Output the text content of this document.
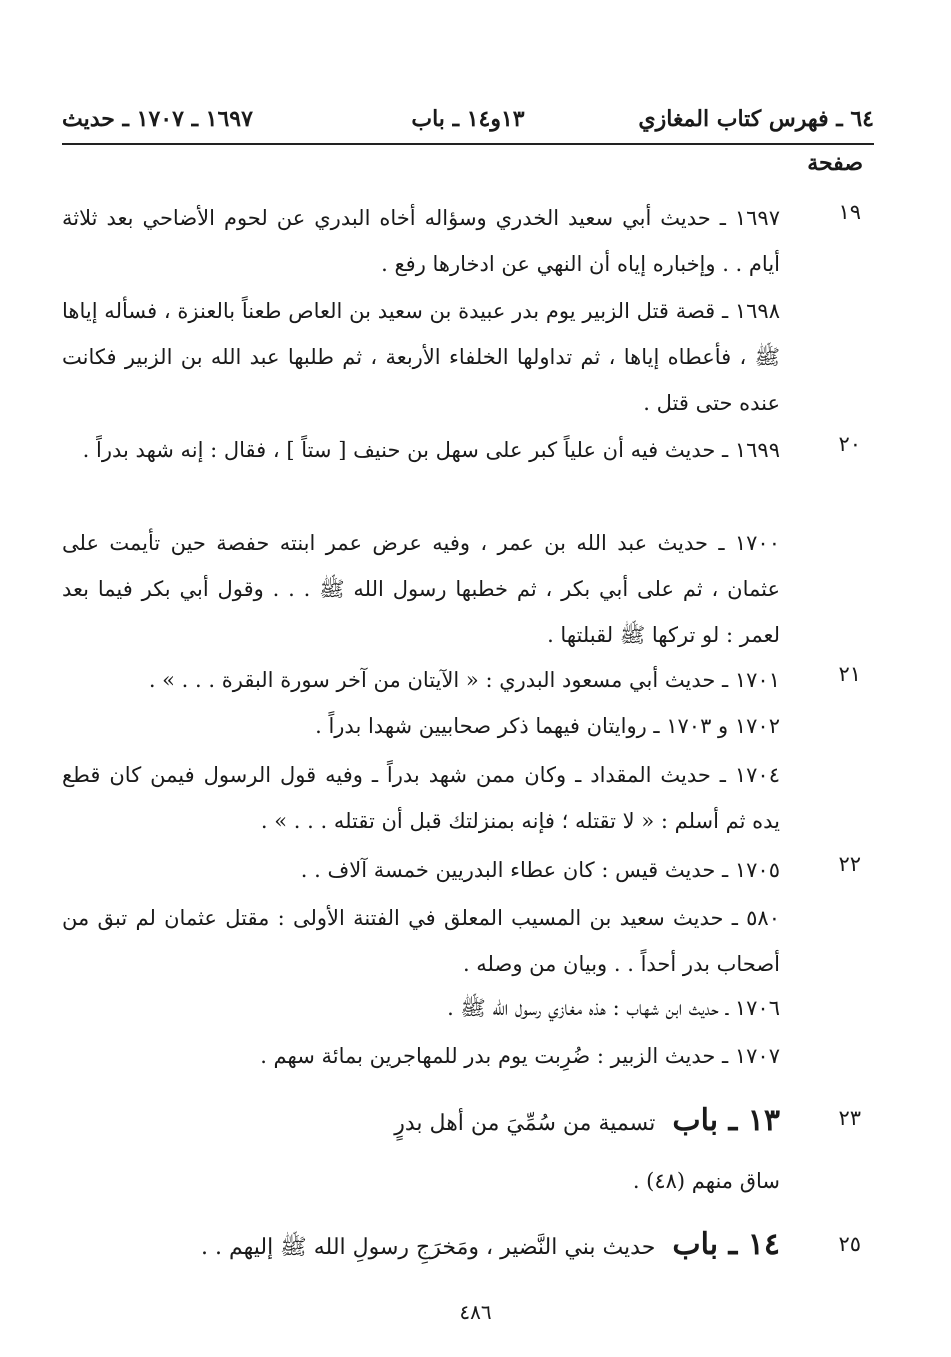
٦٤ ـ فهرس كتاب المغازي
١٣و١٤ ـ باب
١٦٩٧ ـ ١٧٠٧ ـ حديث
صفحة
١٩
١٦٩٧ ـ حديث أبي سعيد الخدري وسؤاله أخاه البدري عن لحوم الأضاحي بعد ثلاثة أيام . . وإخباره إياه أن النهي عن ادخارها رفع .
١٦٩٨ ـ قصة قتل الزبير يوم بدر عبيدة بن سعيد بن العاص طعناً بالعنزة ، فسأله إياها ﷺ ، فأعطاه إياها ، ثم تداولها الخلفاء الأربعة ، ثم طلبها عبد الله بن الزبير فكانت عنده حتى قتل .
٢٠
١٦٩٩ ـ حديث فيه أن علياً كبر على سهل بن حنيف [ ستاً ] ، فقال : إنه شهد بدراً .
١٧٠٠ ـ حديث عبد الله بن عمر ، وفيه عرض عمر ابنته حفصة حين تأيمت على عثمان ، ثم على أبي بكر ، ثم خطبها رسول الله ﷺ . . . وقول أبي بكر فيما بعد لعمر : لو تركها ﷺ لقبلتها .
٢١
١٧٠١ ـ حديث أبي مسعود البدري : « الآيتان من آخر سورة البقرة . . . » .
١٧٠٢ و ١٧٠٣ ـ روايتان فيهما ذكر صحابيين شهدا بدراً .
١٧٠٤ ـ حديث المقداد ـ وكان ممن شهد بدراً ـ وفيه قول الرسول فيمن كان قطع يده ثم أسلم : « لا تقتله ؛ فإنه بمنزلتك قبل أن تقتله . . . » .
٢٢
١٧٠٥ ـ حديث قيس : كان عطاء البدريين خمسة آلاف . .
٥٨٠ ـ حديث سعيد بن المسيب المعلق في الفتنة الأولى : مقتل عثمان لم تبق من أصحاب بدر أحداً . . وبيان من وصله .
١٧٠٦ ـ حديث ابن شهاب : هذه مغازي رسول الله ﷺ .
١٧٠٧ ـ حديث الزبير : ضُرِبت يوم بدر للمهاجرين بمائة سهم .
٢٣
١٣ ـ باب تسمية من سُمِّيَ من أهل بدرٍ
ساق منهم (٤٨) .
٢٥
١٤ ـ باب حديث بني النَّضير ، ومَخرَجِ رسولِ الله ﷺ إليهم . .
٤٨٦
